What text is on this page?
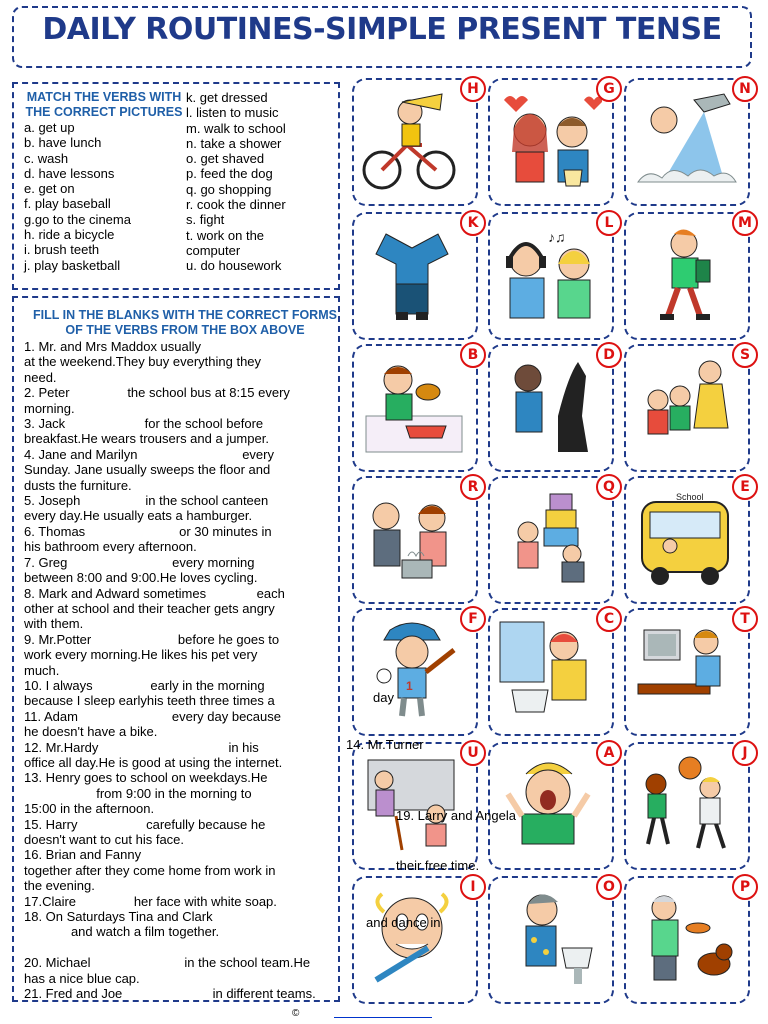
DAILY ROUTINES-SIMPLE PRESENT TENSE
MATCH THE VERBS WITH THE CORRECT PICTURES
a. get up
b. have lunch
c. wash
d. have lessons
e. get on
f. play baseball
g.go to the cinema
h. ride a bicycle
i. brush teeth
j. play basketball
k. get dressed
l. listen to music
m. walk to school
n. take a shower
o. get shaved
p. feed the dog
q. go shopping
r. cook the dinner
s. fight
t. work on the
computer
u. do housework
FILL IN THE BLANKS WITH THE CORRECT FORMS OF THE VERBS FROM THE BOX ABOVE
1. Mr. and Mrs Maddox usually
at the weekend.They buy everything they
need.
2. Peter                the school bus at 8:15 every
morning.
3. Jack                      for the school before
breakfast.He wears trousers and a jumper.
4. Jane and Marilyn                             every
Sunday. Jane usually sweeps the floor and
dusts the furniture.
5. Joseph                  in the school canteen
every day.He usually eats a hamburger.
6. Thomas                          or 30 minutes in
his bathroom every afternoon.
7. Greg                             every morning
between 8:00 and 9:00.He loves cycling.
8. Mark and Adward sometimes              each
other at school and their teacher gets angry
with them.
9. Mr.Potter                        before he goes to
work every morning.He likes his pet very
much.
10. I always                early in the morning
because I sleep earlyhis teeth three times a
11. Adam                          every day because
he doesn't have a bike.
12. Mr.Hardy                                    in his
office all day.He is good at using the internet.
13. Henry goes to school on weekdays.He
from 9:00 in the morning to
15:00 in the afternoon.
15. Harry                   carefully because he
doesn't want to cut his face.
16. Brian and Fanny
together after they come home from work in
the evening.
17.Claire                her face with white soap.
18. On Saturdays Tina and Clark
and watch a film together.
20. Michael                          in the school team.He
has a nice blue cap.
21. Fred and Joe                         in different teams.
H	G	N
K
♪♫
L	M
B	D	S
R	Q
School
E
1
F	C	T
U	A	J
I	O	P
day
14. Mr.Turner
19. Larry and Angela
their free time.
and dance in
©
